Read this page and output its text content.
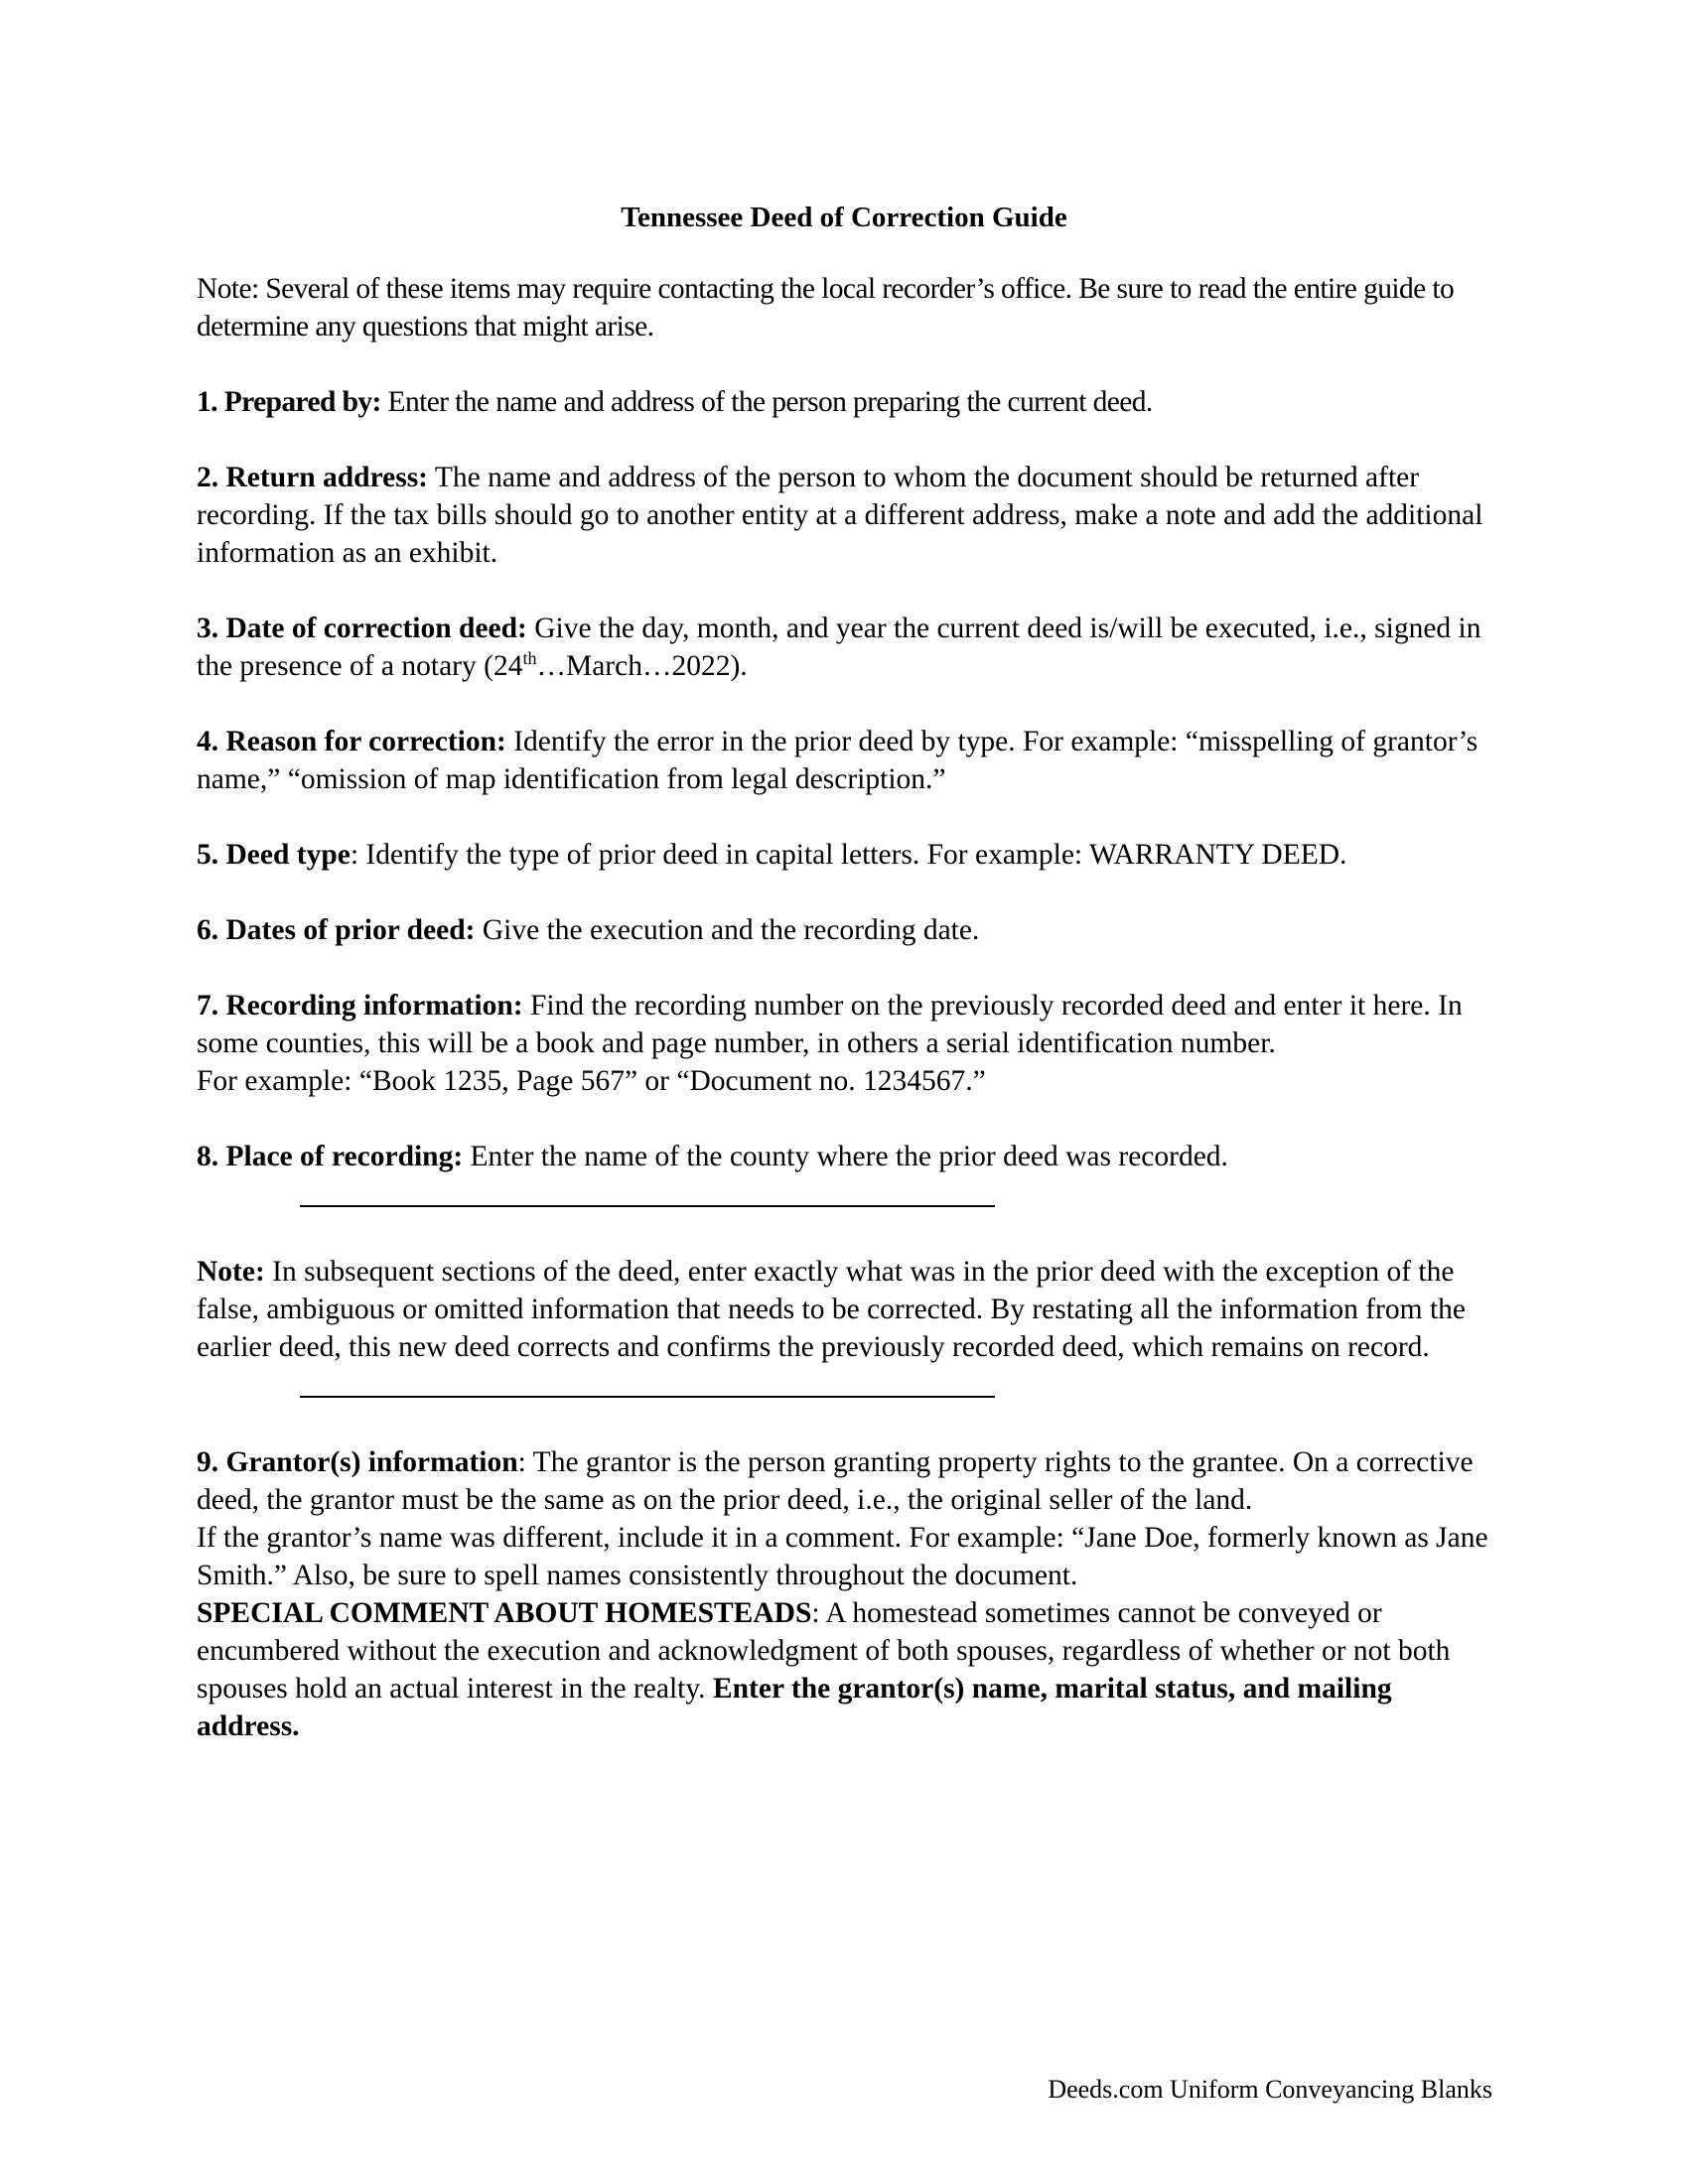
Tennessee Deed of Correction Guide

Note: Several of these items may require contacting the local recorder’s office. Be sure to read the entire guide to determine any questions that might arise.

1. Prepared by: Enter the name and address of the person preparing the current deed.

2. Return address: The name and address of the person to whom the document should be returned after recording. If the tax bills should go to another entity at a different address, make a note and add the additional information as an exhibit.

3. Date of correction deed: Give the day, month, and year the current deed is/will be executed, i.e., signed in the presence of a notary (24th…March…2022).

4. Reason for correction: Identify the error in the prior deed by type. For example: “misspelling of grantor’s name,” “omission of map identification from legal description.”

5. Deed type: Identify the type of prior deed in capital letters. For example: WARRANTY DEED.

6. Dates of prior deed: Give the execution and the recording date.

7. Recording information: Find the recording number on the previously recorded deed and enter it here. In some counties, this will be a book and page number, in others a serial identification number.

For example: “Book 1235, Page 567” or “Document no. 1234567.”

8. Place of recording: Enter the name of the county where the prior deed was recorded.

Note: In subsequent sections of the deed, enter exactly what was in the prior deed with the exception of the false, ambiguous or omitted information that needs to be corrected. By restating all the information from the earlier deed, this new deed corrects and confirms the previously recorded deed, which remains on record.

9. Grantor(s) information: The grantor is the person granting property rights to the grantee. On a corrective deed, the grantor must be the same as on the prior deed, i.e., the original seller of the land.

If the grantor’s name was different, include it in a comment. For example: “Jane Doe, formerly known as Jane Smith.” Also, be sure to spell names consistently throughout the document.

SPECIAL COMMENT ABOUT HOMESTEADS: A homestead sometimes cannot be conveyed or encumbered without the execution and acknowledgment of both spouses, regardless of whether or not both spouses hold an actual interest in the realty. Enter the grantor(s) name, marital status, and mailing address.

Deeds.com Uniform Conveyancing Blanks
